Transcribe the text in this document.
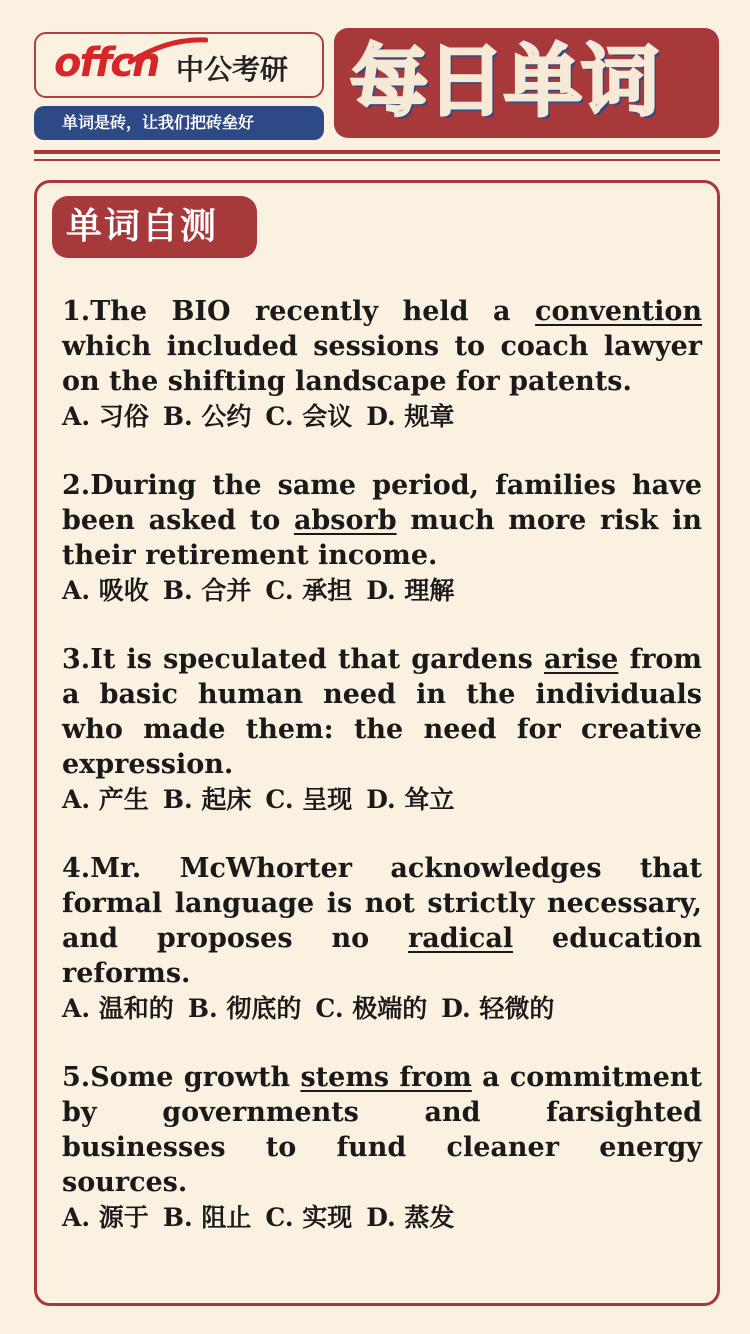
offcn 中公考研
单词是砖，让我们把砖垒好	每日单词
单词自测
1.The BIO recently held a convention which included sessions to coach lawyer on the shifting landscape for patents.
A. 习俗 B. 公约 C. 会议 D. 规章
2.During the same period, families have been asked to absorb much more risk in their retirement income.
A. 吸收 B. 合并 C. 承担 D. 理解
3.It is speculated that gardens arise from a basic human need in the individuals who made them: the need for creative expression.
A. 产生 B. 起床 C. 呈现 D. 耸立
4.Mr. McWhorter acknowledges that formal language is not strictly necessary, and proposes no radical education reforms.
A. 温和的 B. 彻底的 C. 极端的 D. 轻微的
5.Some growth stems from a commitment by governments and farsighted businesses to fund cleaner energy sources.
A. 源于 B. 阻止 C. 实现 D. 蒸发
